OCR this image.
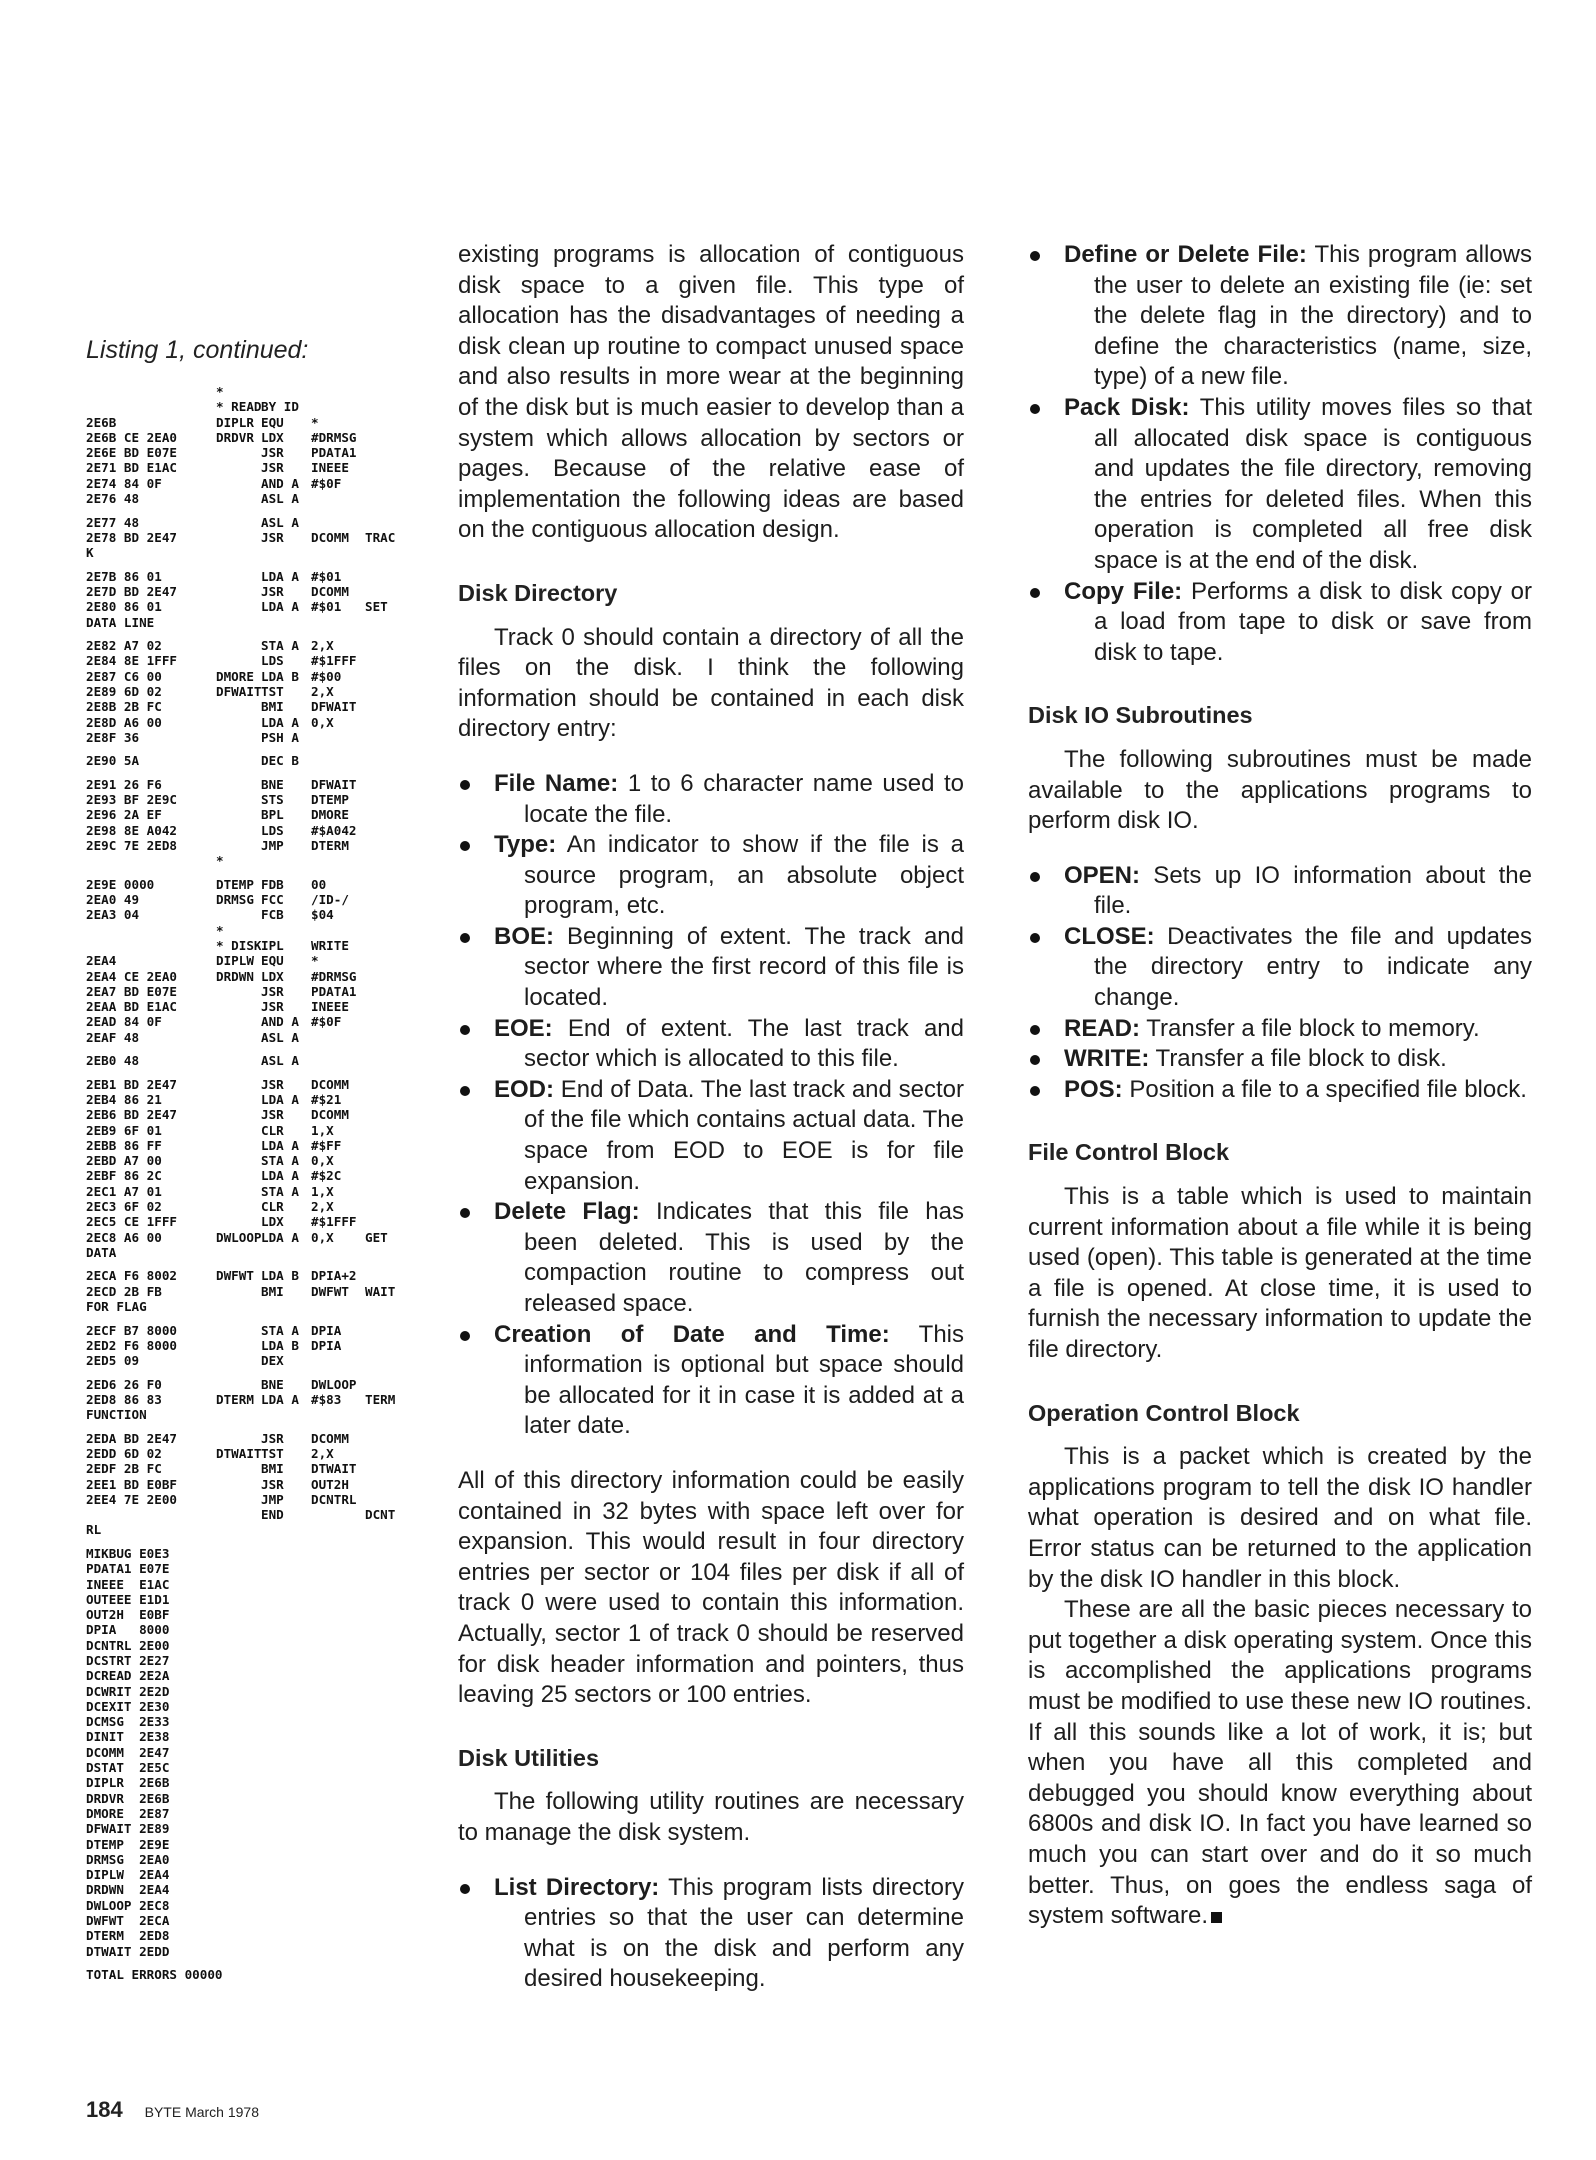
Listing 1, continued:
*
* READ BY ID
2E6B	DIPLR EQU *
2E6B CE 2EA0	DRDVR LDX #DRMSG
2E6E BD E07E	JSR PDATA1
2E71 BD E1AC	JSR INEEE
2E74 84 0F	AND A #$0F
2E76 48	ASL A
2E77 48	ASL A
2E78 BD 2E47	JSR DCOMM TRAC
K
2E7B 86 01	LDA A #$01
2E7D BD 2E47	JSR DCOMM
2E80 86 01	LDA A #$01 SET
DATA LINE
2E82 A7 02	STA A 2,X
2E84 8E 1FFF	LDS #$1FFF
2E87 C6 00	DMORE LDA B #$00
2E89 6D 02	DFWAIT TST 2,X
2E8B 2B FC	BMI DFWAIT
2E8D A6 00	LDA A 0,X
2E8F 36	PSH A
2E90 5A	DEC B
2E91 26 F6	BNE DFWAIT
2E93 BF 2E9C	STS DTEMP
2E96 2A EF	BPL DMORE
2E98 8E A042	LDS #$A042
2E9C 7E 2ED8	JMP DTERM
*
2E9E 0000	DTEMP FDB 00
2EA0 49	DRMSG FCC /ID-/
2EA3 04	FCB $04
*
* DISK IPL WRITE
2EA4	DIPLW EQU *
2EA4 CE 2EA0	DRDWN LDX #DRMSG
2EA7 BD E07E	JSR PDATA1
2EAA BD E1AC	JSR INEEE
2EAD 84 0F	AND A #$0F
2EAF 48	ASL A
2EB0 48	ASL A
2EB1 BD 2E47	JSR DCOMM
2EB4 86 21	LDA A #$21
2EB6 BD 2E47	JSR DCOMM
2EB9 6F 01	CLR 1,X
2EBB 86 FF	LDA A #$FF
2EBD A7 00	STA A 0,X
2EBF 86 2C	LDA A #$2C
2EC1 A7 01	STA A 1,X
2EC3 6F 02	CLR 2,X
2EC5 CE 1FFF	LDX #$1FFF
2EC8 A6 00	DWLOOP LDA A 0,X GET
DATA
2ECA F6 8002	DWFWT LDA B DPIA+2
2ECD 2B FB	BMI DWFWT WAIT
FOR FLAG
2ECF B7 8000	STA A DPIA
2ED2 F6 8000	LDA B DPIA
2ED5 09	DEX
2ED6 26 F0	BNE DWLOOP
2ED8 86 83	DTERM LDA A #$83 TERM
FUNCTION
2EDA BD 2E47	JSR DCOMM
2EDD 6D 02	DTWAIT TST 2,X
2EDF 2B FC	BMI DTWAIT
2EE1 BD E0BF	JSR OUT2H
2EE4 7E 2E00	JMP DCNTRL
END	DCNT
RL
MIKBUG E0E3
PDATA1 E07E
INEEE  E1AC
OUTEEE E1D1
OUT2H  E0BF
DPIA   8000
DCNTRL 2E00
DCSTRT 2E27
DCREAD 2E2A
DCWRIT 2E2D
DCEXIT 2E30
DCMSG  2E33
DINIT  2E38
DCOMM  2E47
DSTAT  2E5C
DIPLR  2E6B
DRDVR  2E6B
DMORE  2E87
DFWAIT 2E89
DTEMP  2E9E
DRMSG  2EA0
DIPLW  2EA4
DRDWN  2EA4
DWLOOP 2EC8
DWFWT  2ECA
DTERM  2ED8
DTWAIT 2EDD
TOTAL ERRORS 00000

existing programs is allocation of contiguous disk space to a given file. This type of allocation has the disadvantages of needing a disk clean up routine to compact unused space and also results in more wear at the beginning of the disk but is much easier to develop than a system which allows allocation by sectors or pages. Because of the relative ease of implementation the following ideas are based on the contiguous allocation design.

Disk Directory

Track 0 should contain a directory of all the files on the disk. I think the following information should be contained in each disk directory entry:

File Name: 1 to 6 character name used to locate the file.
Type: An indicator to show if the file is a source program, an absolute object program, etc.
BOE: Beginning of extent. The track and sector where the first record of this file is located.
EOE: End of extent. The last track and sector which is allocated to this file.
EOD: End of Data. The last track and sector of the file which contains actual data. The space from EOD to EOE is for file expansion.
Delete Flag: Indicates that this file has been deleted. This is used by the compaction routine to compress out released space.
Creation of Date and Time: This information is optional but space should be allocated for it in case it is added at a later date.

All of this directory information could be easily contained in 32 bytes with space left over for expansion. This would result in four directory entries per sector or 104 files per disk if all of track 0 were used to contain this information. Actually, sector 1 of track 0 should be reserved for disk header information and pointers, thus leaving 25 sectors or 100 entries.

Disk Utilities

The following utility routines are necessary to manage the disk system.

List Directory: This program lists directory entries so that the user can determine what is on the disk and perform any desired housekeeping.
Define or Delete File: This program allows the user to delete an existing file (ie: set the delete flag in the directory) and to define the characteristics (name, size, type) of a new file.
Pack Disk: This utility moves files so that all allocated disk space is contiguous and updates the file directory, removing the entries for deleted files. When this operation is completed all free disk space is at the end of the disk.
Copy File: Performs a disk to disk copy or a load from tape to disk or save from disk to tape.
Disk IO Subroutines

The following subroutines must be made available to the applications programs to perform disk IO.

OPEN: Sets up IO information about the file.
CLOSE: Deactivates the file and updates the directory entry to indicate any change.
READ: Transfer a file block to memory.
WRITE: Transfer a file block to disk.
POS: Position a file to a specified file block.
File Control Block

This is a table which is used to maintain current information about a file while it is being used (open). This table is generated at the time a file is opened. At close time, it is used to furnish the necessary information to update the file directory.

Operation Control Block

This is a packet which is created by the applications program to tell the disk IO handler what operation is desired and on what file. Error status can be returned to the application by the disk IO handler in this block.

These are all the basic pieces necessary to put together a disk operating system. Once this is accomplished the applications programs must be modified to use these new IO routines. If all this sounds like a lot of work, it is; but when you have all this completed and debugged you should know everything about 6800s and disk IO. In fact you have learned so much you can start over and do it so much better. Thus, on goes the endless saga of system software.

184 BYTE March 1978
